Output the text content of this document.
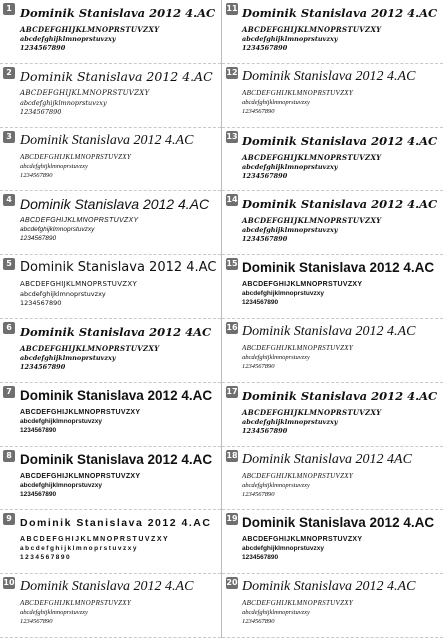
1 Dominik Stanislava 2012 4.AC
ABCDEFGHIJKLMNOPRSTUVZXY
abcdefghijklmnoprstuvzxy
1234567890
2 Dominik Stanislava 2012 4.AC
ABCDEFGHIJKLMNOPRSTUVZXY
abcdefghijklmnoprstuvzxy
1234567890
3 Dominik Stanislava 2012 4.AC
ABCDEFGHIJKLMNOPRSTUVZXY
abcdefghijklmnoprstuvzxy
1234567890
4 Dominik Stanislava 2012 4.AC
ABCDEFGHIJKLMNOPRSTUVZXY
abcdefghijklmnoprstuvzxy
1234567890
5 Dominik Stanislava 2012 4.AC
ABCDEFGHIJKLMNOPRSTUVZXY
abcdefghijklmnoprstuvzxy
1234567890
6 Dominik Stanislava 2012 4AC
ABCDEFGHIJKLMNOPRSTUVZXY
abcdefghijklmnoprstuvzxy
1234567890
7 Dominik Stanislava 2012 4.AC
ABCDEFGHIJKLMNOPRSTUVZXY
abcdefghijklmnoprstuvzxy
1234567890
8 Dominik Stanislava 2012 4.AC
ABCDEFGHIJKLMNOPRSTUVZXY
abcdefghijklmnoprstuvzxy
1234567890
9 Dominik Stanislava 2012 4.AC
ABCDEFGHIJKLMNOPRSTUVZXY
abcdefghijklmnoprstuvzxy
1234567890
10 Dominik Stanislava 2012 4.AC
ABCDEFGHIJKLMNOPRSTUVZXY
abcdefghijklmnoprstuvzxy
1234567890
11 Dominik Stanislava 2012 4.AC
ABCDEFGHIJKLMNOPRSTUVZXY
abcdefghijklmnoprstuvzxy
1234567890
12 Dominik Stanislava 2012 4.AC
ABCDEFGHIJKLMNOPRSTUVZXY
abcdefghijklmnoprstuvzxy
1234567890
13 Dominik Stanislava 2012 4.AC
ABCDEFGHIJKLMNOPRSTUVZXY
abcdefghijklmnoprstuvzxy
1234567890
14 Dominik Stanislava 2012 4.AC
ABCDEFGHIJKLMNOPRSTUVZXY
abcdefghijklmnoprstuvzxy
1234567890
15 Dominik Stanislava 2012 4.AC
ABCDEFGHIJKLMNOPRSTUVZXY
abcdefghijklmnoprstuvzxy
1234567890
16 Dominik Stanislava 2012 4.AC
ABCDEFGHIJKLMNOPRSTUVZXY
abcdefghijklmnoprstuvzxy
1234567890
17 Dominik Stanislava 2012 4.AC
ABCDEFGHIJKLMNOPRSTUVZXY
abcdefghijklmnoprstuvzxy
1234567890
18 Dominik Stanislava 2012 4AC
ABCDEFGHIJKLMNOPRSTUVZXY
abcdefghijklmnoprstuvzxy
1234567890
19 Dominik Stanislava 2012 4.AC
ABCDEFGHIJKLMNOPRSTUVZXY
abcdefghijklmnoprstuvzxy
1234567890
20 Dominik Stanislava 2012 4.AC
ABCDEFGHIJKLMNOPRSTUVZXY
abcdefghijklmnoprstuvzxy
1234567890
